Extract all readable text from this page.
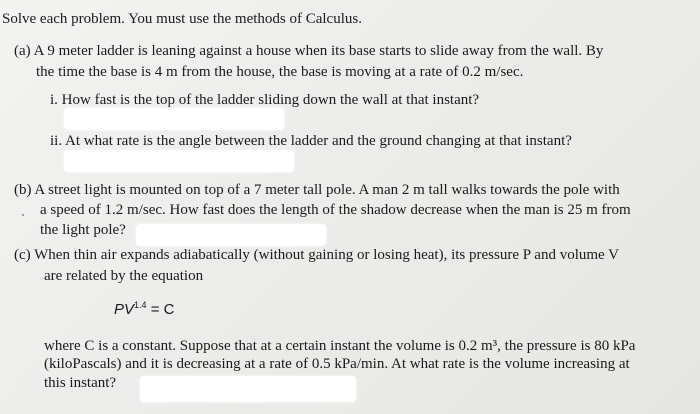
Solve each problem. You must use the methods of Calculus.
(a) A 9 meter ladder is leaning against a house when its base starts to slide away from the wall. By
the time the base is 4 m from the house, the base is moving at a rate of 0.2 m/sec.
i. How fast is the top of the ladder sliding down the wall at that instant?
ii. At what rate is the angle between the ladder and the ground changing at that instant?
(b) A street light is mounted on top of a 7 meter tall pole. A man 2 m tall walks towards the pole with
a speed of 1.2 m/sec. How fast does the length of the shadow decrease when the man is 25 m from
the light pole?
(c) When thin air expands adiabatically (without gaining or losing heat), its pressure P and volume V
are related by the equation
$PV^{1.4} = C$
where C is a constant. Suppose that at a certain instant the volume is 0.2 m³, the pressure is 80 kPa
(kiloPascals) and it is decreasing at a rate of 0.5 kPa/min. At what rate is the volume increasing at
this instant?
